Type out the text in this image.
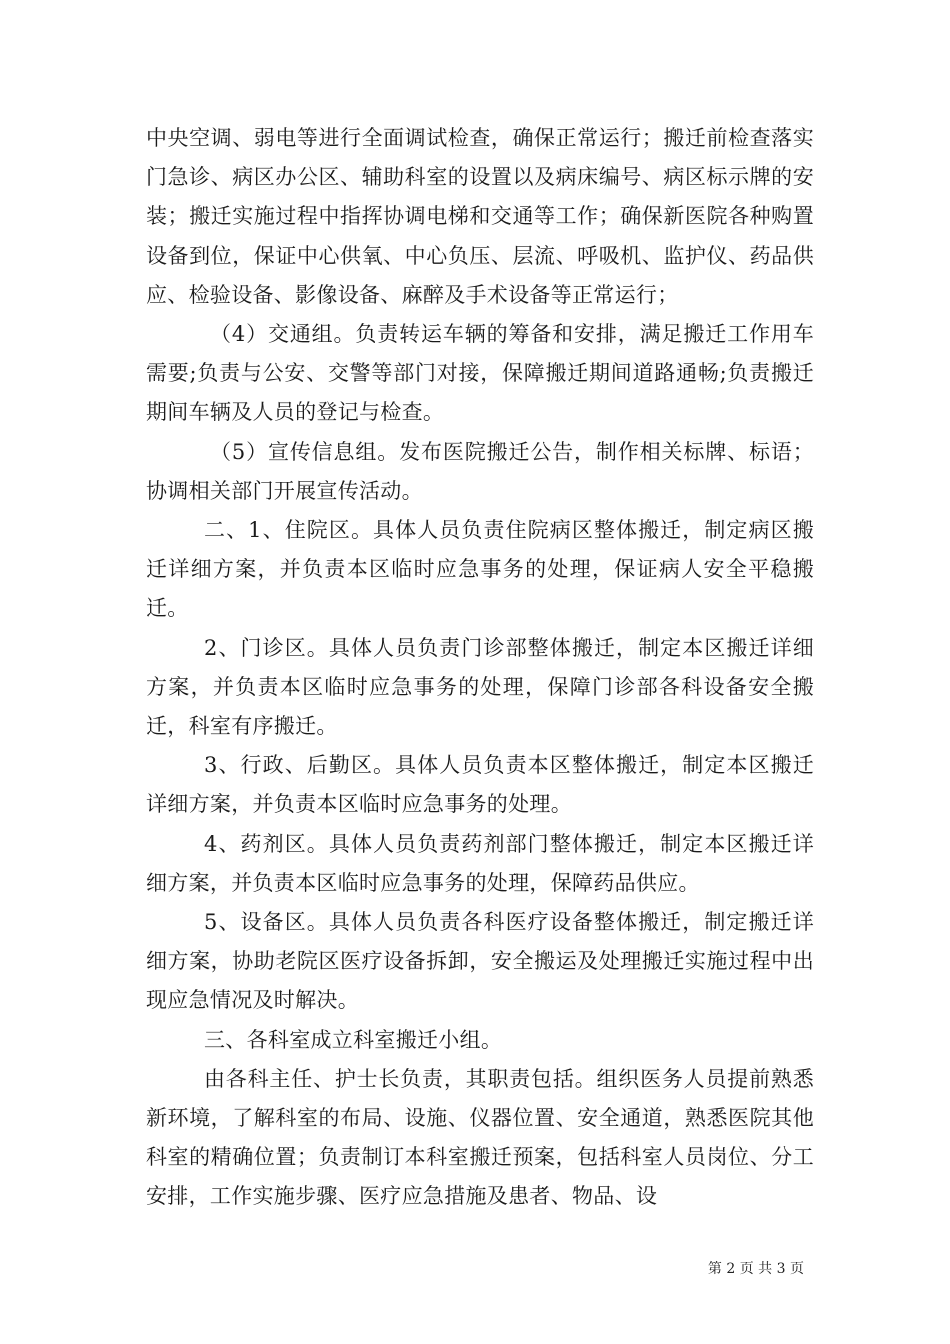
中央空调、弱电等进行全面调试检查，确保正常运行；搬迁前检查落实门急诊、病区办公区、辅助科室的设置以及病床编号、病区标示牌的安装；搬迁实施过程中指挥协调电梯和交通等工作；确保新医院各种购置设备到位，保证中心供氧、中心负压、层流、呼吸机、监护仪、药品供应、检验设备、影像设备、麻醉及手术设备等正常运行；

（4）交通组。负责转运车辆的筹备和安排，满足搬迁工作用车需要;负责与公安、交警等部门对接，保障搬迁期间道路通畅;负责搬迁期间车辆及人员的登记与检查。

（5）宣传信息组。发布医院搬迁公告，制作相关标牌、标语；协调相关部门开展宣传活动。

二、1、住院区。具体人员负责住院病区整体搬迁，制定病区搬迁详细方案，并负责本区临时应急事务的处理，保证病人安全平稳搬迁。

2、门诊区。具体人员负责门诊部整体搬迁，制定本区搬迁详细方案，并负责本区临时应急事务的处理，保障门诊部各科设备安全搬迁，科室有序搬迁。

3、行政、后勤区。具体人员负责本区整体搬迁，制定本区搬迁详细方案，并负责本区临时应急事务的处理。

4、药剂区。具体人员负责药剂部门整体搬迁，制定本区搬迁详细方案，并负责本区临时应急事务的处理，保障药品供应。

5、设备区。具体人员负责各科医疗设备整体搬迁，制定搬迁详细方案，协助老院区医疗设备拆卸，安全搬运及处理搬迁实施过程中出现应急情况及时解决。

三、各科室成立科室搬迁小组。

由各科主任、护士长负责，其职责包括。组织医务人员提前熟悉新环境，了解科室的布局、设施、仪器位置、安全通道，熟悉医院其他科室的精确位置；负责制订本科室搬迁预案，包括科室人员岗位、分工安排，工作实施步骤、医疗应急措施及患者、物品、设

第 2 页 共 3 页
